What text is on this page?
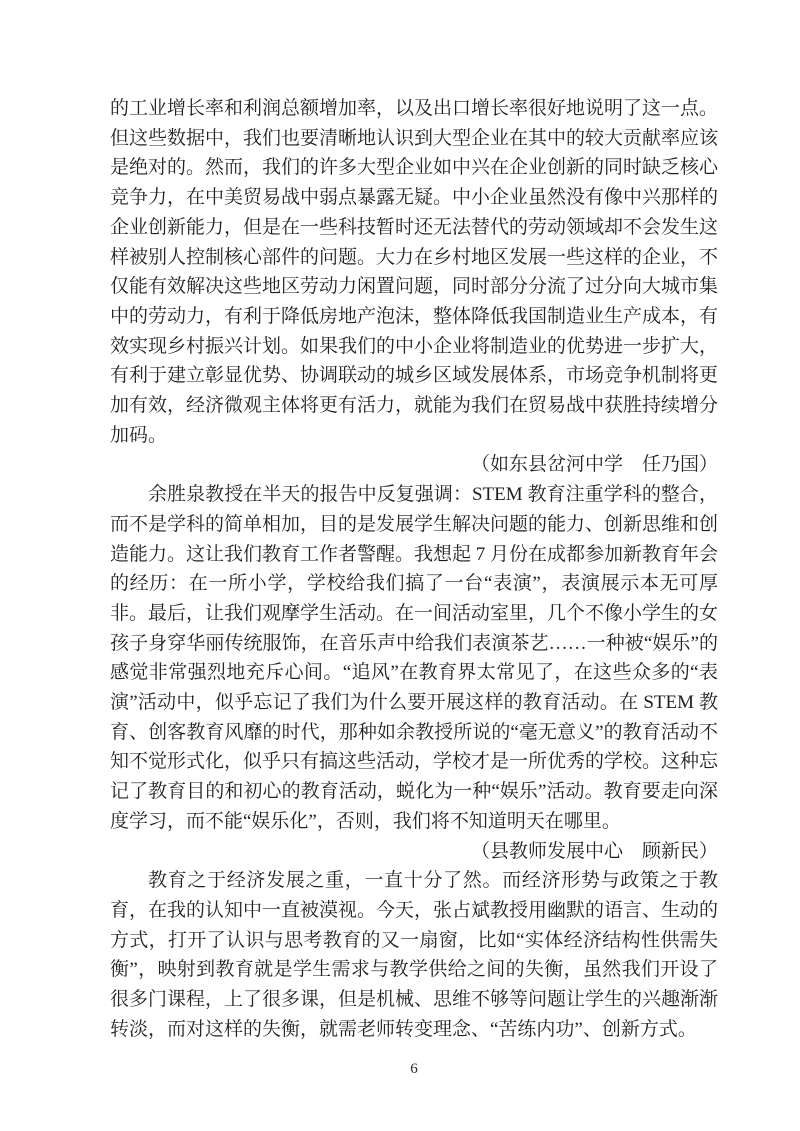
的工业增长率和利润总额增加率，以及出口增长率很好地说明了这一点。但这些数据中，我们也要清晰地认识到大型企业在其中的较大贡献率应该是绝对的。然而，我们的许多大型企业如中兴在企业创新的同时缺乏核心竞争力，在中美贸易战中弱点暴露无疑。中小企业虽然没有像中兴那样的企业创新能力，但是在一些科技暂时还无法替代的劳动领域却不会发生这样被别人控制核心部件的问题。大力在乡村地区发展一些这样的企业，不仅能有效解决这些地区劳动力闲置问题，同时部分分流了过分向大城市集中的劳动力，有利于降低房地产泡沫，整体降低我国制造业生产成本，有效实现乡村振兴计划。如果我们的中小企业将制造业的优势进一步扩大，有利于建立彰显优势、协调联动的城乡区域发展体系，市场竞争机制将更加有效，经济微观主体将更有活力，就能为我们在贸易战中获胜持续增分加码。

（如东县岔河中学　任乃国）

余胜泉教授在半天的报告中反复强调：STEM 教育注重学科的整合，而不是学科的简单相加，目的是发展学生解决问题的能力、创新思维和创造能力。这让我们教育工作者警醒。我想起 7 月份在成都参加新教育年会的经历：在一所小学，学校给我们搞了一台“表演”，表演展示本无可厚非。最后，让我们观摩学生活动。在一间活动室里，几个不像小学生的女孩子身穿华丽传统服饰，在音乐声中给我们表演茶艺……一种被“娱乐”的感觉非常强烈地充斥心间。“追风”在教育界太常见了，在这些众多的“表演”活动中，似乎忘记了我们为什么要开展这样的教育活动。在 STEM 教育、创客教育风靡的时代，那种如余教授所说的“毫无意义”的教育活动不知不觉形式化，似乎只有搞这些活动，学校才是一所优秀的学校。这种忘记了教育目的和初心的教育活动，蜕化为一种“娱乐”活动。教育要走向深度学习，而不能“娱乐化”，否则，我们将不知道明天在哪里。

（县教师发展中心　顾新民）

教育之于经济发展之重，一直十分了然。而经济形势与政策之于教育，在我的认知中一直被漠视。今天，张占斌教授用幽默的语言、生动的方式，打开了认识与思考教育的又一扇窗，比如“实体经济结构性供需失衡”，映射到教育就是学生需求与教学供给之间的失衡，虽然我们开设了很多门课程，上了很多课，但是机械、思维不够等问题让学生的兴趣渐渐转淡，而对这样的失衡，就需老师转变理念、“苦练内功”、创新方式。

6
